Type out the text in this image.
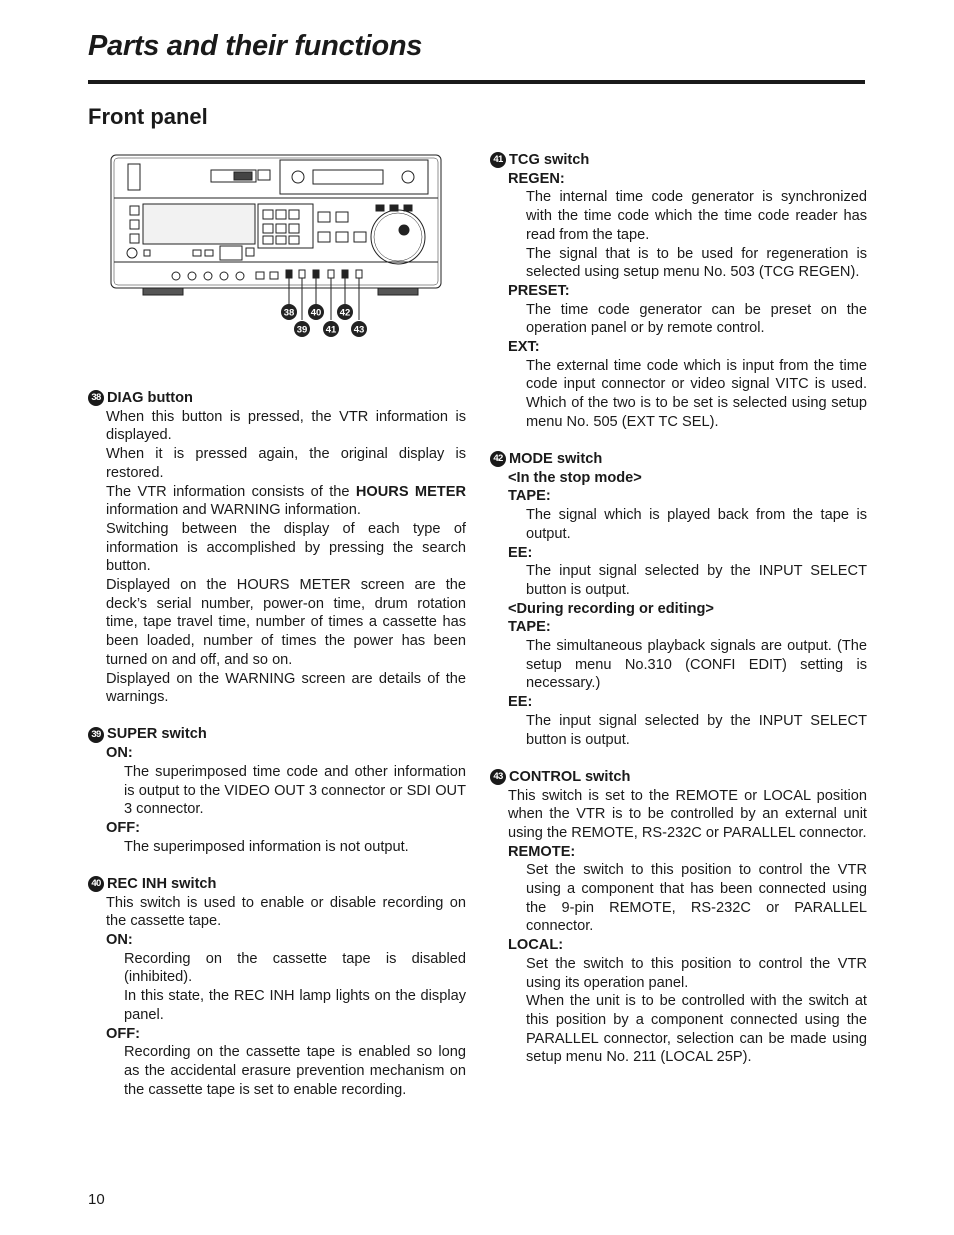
Parts and their functions
Front panel
38 40 42
39 41 43
38 DIAG button

When this button is pressed, the VTR information is displayed.

When it is pressed again, the original display is restored.

The VTR information consists of the HOURS METER information and WARNING information.

Switching between the display of each type of information is accomplished by pressing the search button.

Displayed on the HOURS METER screen are the deck’s serial number, power-on time, drum rotation time, tape travel time, number of times a cassette has been loaded, number of times the power has been turned on and off, and so on.

Displayed on the WARNING screen are details of the warnings.

39 SUPER switch
ON:

The superimposed time code and other information is output to the VIDEO OUT 3 connector or SDI OUT 3 connector.

OFF:

The superimposed information is not output.

40 REC INH switch

This switch is used to enable or disable recording on the cassette tape.

ON:

Recording on the cassette tape is disabled (inhibited).

In this state, the REC INH lamp lights on the display panel.

OFF:

Recording on the cassette tape is enabled so long as the accidental erasure prevention mechanism on the cassette tape is set to enable recording.

41 TCG switch
REGEN:

The internal time code generator is synchronized with the time code which the time code reader has read from the tape.

The signal that is to be used for regeneration is selected using setup menu No. 503 (TCG REGEN).

PRESET:

The time code generator can be preset on the operation panel or by remote control.

EXT:

The external time code which is input from the time code input connector or video signal VITC is used. Which of the two is to be set is selected using setup menu No. 505 (EXT TC SEL).

42 MODE switch
<In the stop mode>
TAPE:

The signal which is played back from the tape is output.

EE:

The input signal selected by the INPUT SELECT button is output.

<During recording or editing>
TAPE:

The simultaneous playback signals are output. (The setup menu No.310 (CONFI EDIT) setting is necessary.)

EE:

The input signal selected by the INPUT SELECT button is output.

43 CONTROL switch

This switch is set to the REMOTE or LOCAL position when the VTR is to be controlled by an external unit using the REMOTE, RS-232C or PARALLEL connector.

REMOTE:

Set the switch to this position to control the VTR using a component that has been connected using the 9-pin REMOTE, RS-232C or PARALLEL connector.

LOCAL:

Set the switch to this position to control the VTR using its operation panel.

When the unit is to be controlled with the switch at this position by a component connected using the PARALLEL connector, selection can be made using setup menu No. 211 (LOCAL 25P).

10
